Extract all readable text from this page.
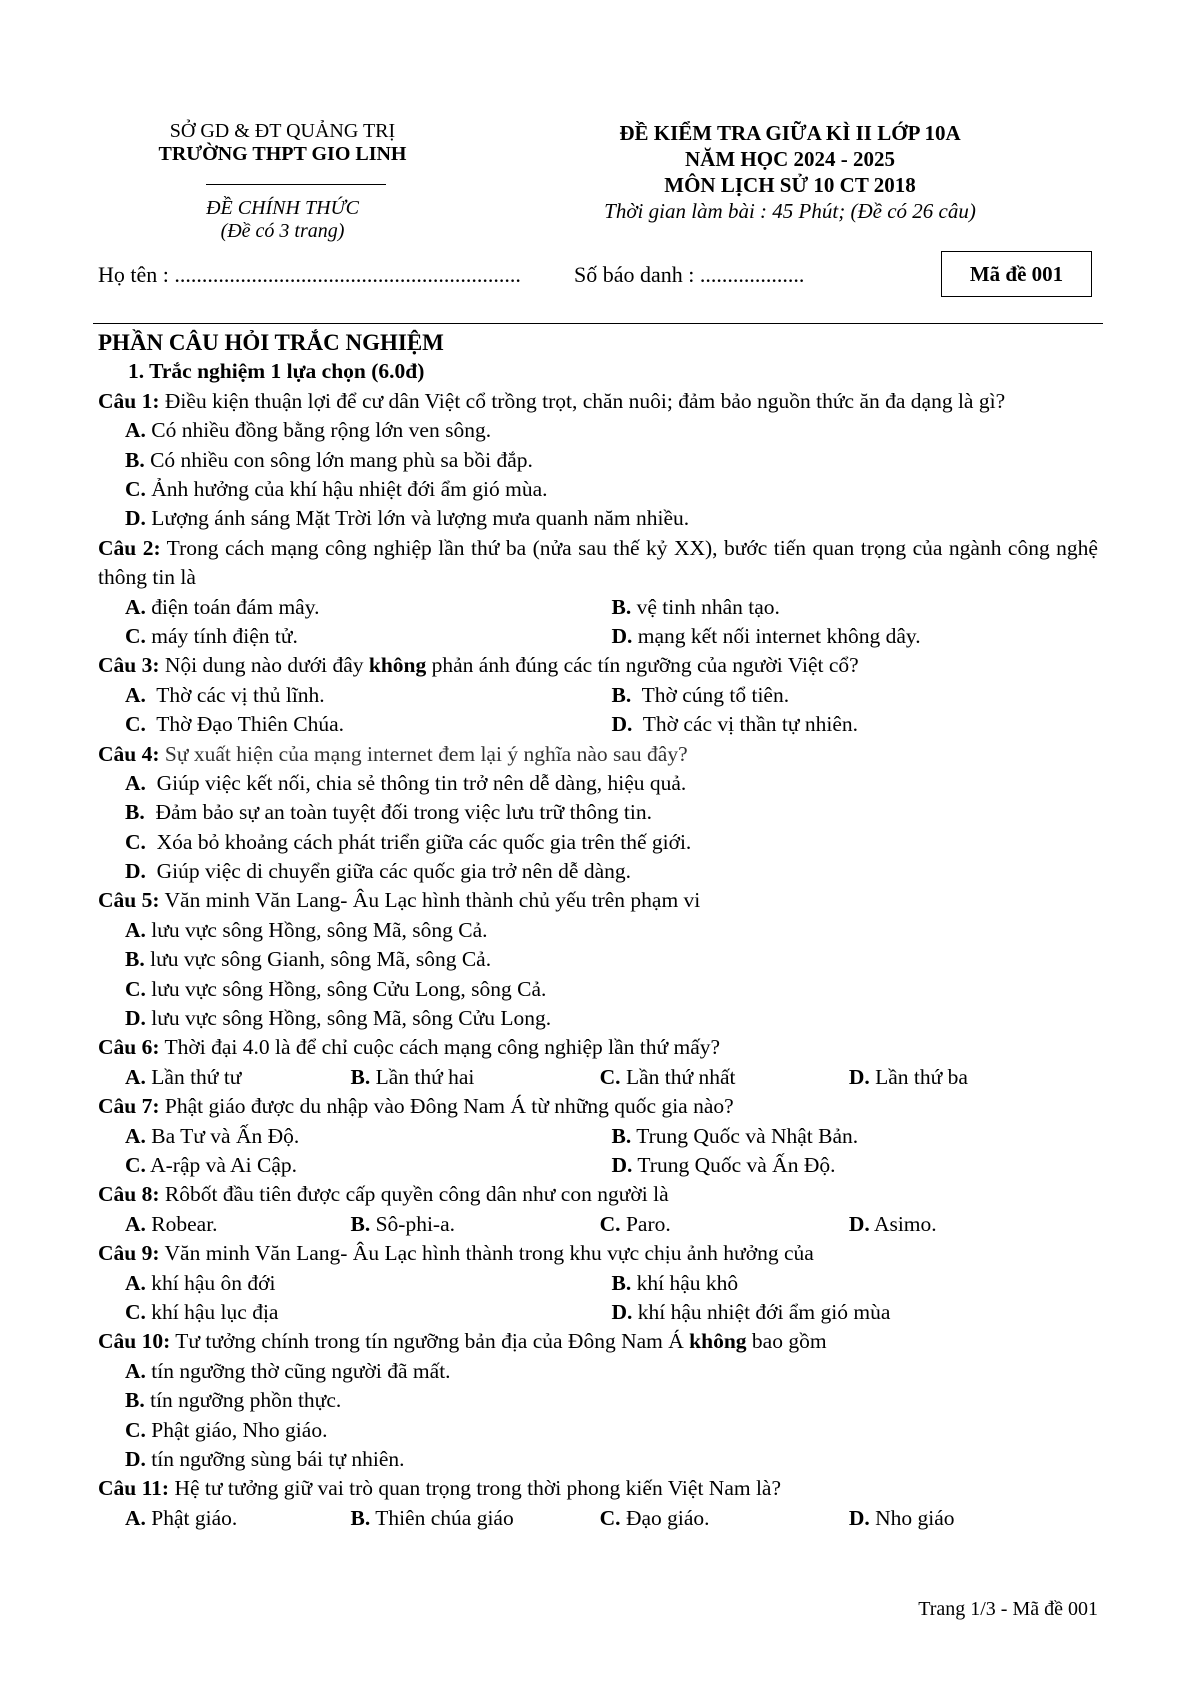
SỞ GD & ĐT QUẢNG TRỊ
TRƯỜNG THPT GIO LINH
ĐỀ CHÍNH THỨC
(Đề có 3 trang)
ĐỀ KIỂM TRA GIỮA KÌ II LỚP 10A
NĂM HỌC 2024 - 2025
MÔN LỊCH SỬ 10 CT 2018
Thời gian làm bài : 45 Phút; (Đề có 26 câu)
Họ tên : ............................................................... Số báo danh : ...................	Mã đề 001
PHẦN CÂU HỎI TRẮC NGHIỆM
1. Trắc nghiệm 1 lựa chọn (6.0đ)
Câu 1: Điều kiện thuận lợi để cư dân Việt cổ trồng trọt, chăn nuôi; đảm bảo nguồn thức ăn đa dạng là gì?
A. Có nhiều đồng bằng rộng lớn ven sông.
B. Có nhiều con sông lớn mang phù sa bồi đắp.
C. Ảnh hưởng của khí hậu nhiệt đới ẩm gió mùa.
D. Lượng ánh sáng Mặt Trời lớn và lượng mưa quanh năm nhiều.
Câu 2: Trong cách mạng công nghiệp lần thứ ba (nửa sau thế kỷ XX), bước tiến quan trọng của ngành công nghệ thông tin là
A. điện toán đám mây.	B. vệ tinh nhân tạo.
C. máy tính điện tử.	D. mạng kết nối internet không dây.
Câu 3: Nội dung nào dưới đây không phản ánh đúng các tín ngưỡng của người Việt cổ?
A. Thờ các vị thủ lĩnh.	B. Thờ cúng tổ tiên.
C. Thờ Đạo Thiên Chúa.	D. Thờ các vị thần tự nhiên.
Câu 4: Sự xuất hiện của mạng internet đem lại ý nghĩa nào sau đây?
A. Giúp việc kết nối, chia sẻ thông tin trở nên dễ dàng, hiệu quả.
B. Đảm bảo sự an toàn tuyệt đối trong việc lưu trữ thông tin.
C. Xóa bỏ khoảng cách phát triển giữa các quốc gia trên thế giới.
D. Giúp việc di chuyển giữa các quốc gia trở nên dễ dàng.
Câu 5: Văn minh Văn Lang- Âu Lạc hình thành chủ yếu trên phạm vi
A. lưu vực sông Hồng, sông Mã, sông Cả.
B. lưu vực sông Gianh, sông Mã, sông Cả.
C. lưu vực sông Hồng, sông Cửu Long, sông Cả.
D. lưu vực sông Hồng, sông Mã, sông Cửu Long.
Câu 6: Thời đại 4.0 là để chỉ cuộc cách mạng công nghiệp lần thứ mấy?
A. Lần thứ tư	B. Lần thứ hai	C. Lần thứ nhất	D. Lần thứ ba
Câu 7: Phật giáo được du nhập vào Đông Nam Á từ những quốc gia nào?
A. Ba Tư và Ấn Độ.	B. Trung Quốc và Nhật Bản.
C. A-rập và Ai Cập.	D. Trung Quốc và Ấn Độ.
Câu 8: Rôbốt đầu tiên được cấp quyền công dân như con người là
A. Robear.	B. Sô-phi-a.	C. Paro.	D. Asimo.
Câu 9: Văn minh Văn Lang- Âu Lạc hình thành trong khu vực chịu ảnh hưởng của
A. khí hậu ôn đới	B. khí hậu khô
C. khí hậu lục địa	D. khí hậu nhiệt đới ẩm gió mùa
Câu 10: Tư tưởng chính trong tín ngưỡng bản địa của Đông Nam Á không bao gồm
A. tín ngưỡng thờ cũng người đã mất.
B. tín ngưỡng phồn thực.
C. Phật giáo, Nho giáo.
D. tín ngưỡng sùng bái tự nhiên.
Câu 11: Hệ tư tưởng giữ vai trò quan trọng trong thời phong kiến Việt Nam là?
A. Phật giáo.	B. Thiên chúa giáo	C. Đạo giáo.	D. Nho giáo
Trang 1/3 - Mã đề 001
